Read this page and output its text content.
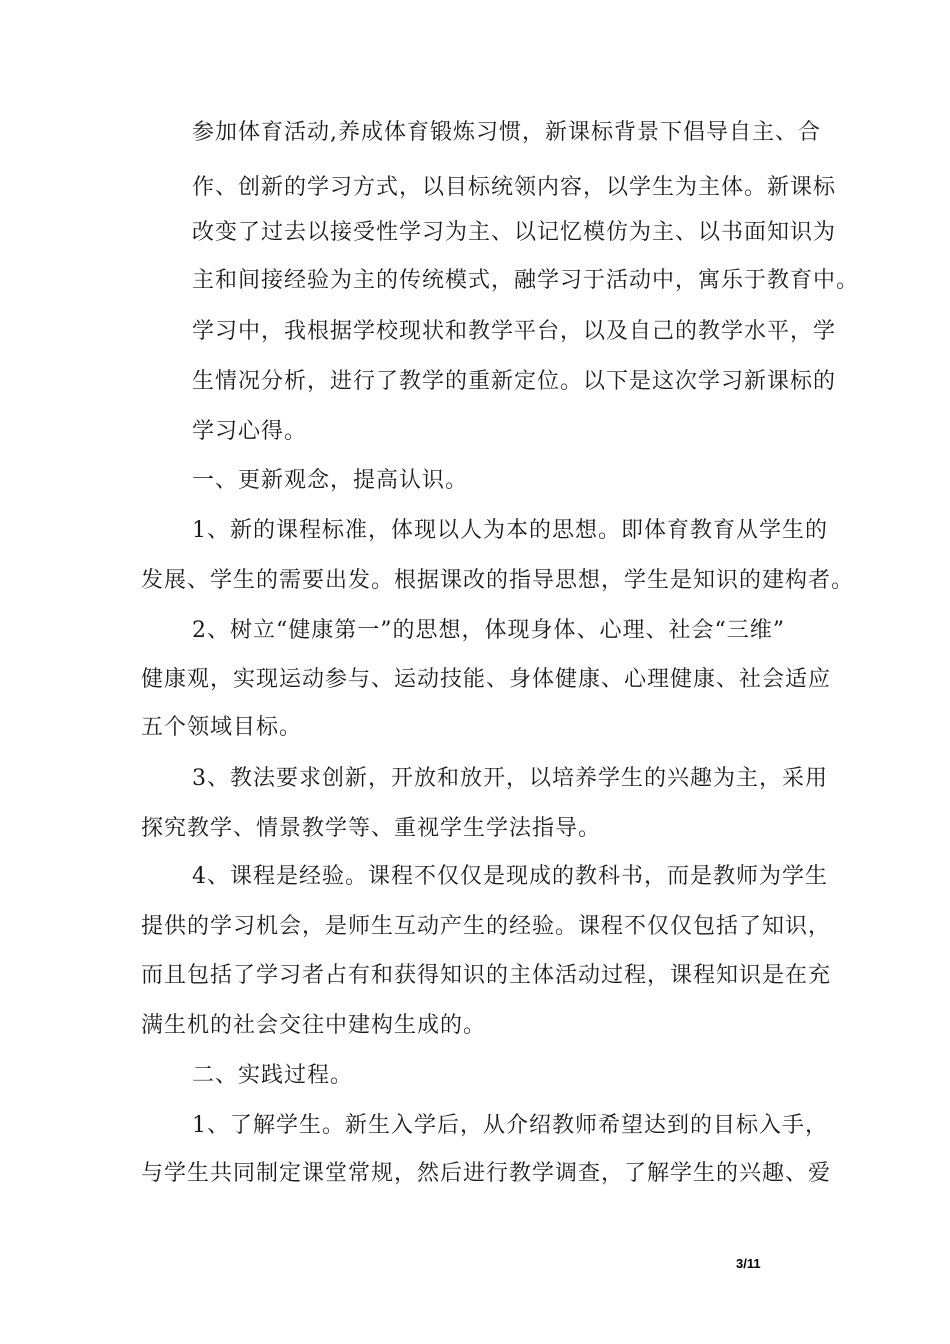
参加体育活动,养成体育锻炼习惯，新课标背景下倡导自主、合
作、创新的学习方式，以目标统领内容，以学生为主体。新课标
改变了过去以接受性学习为主、以记忆模仿为主、以书面知识为
主和间接经验为主的传统模式，融学习于活动中，寓乐于教育中。
学习中，我根据学校现状和教学平台，以及自己的教学水平，学
生情况分析，进行了教学的重新定位。以下是这次学习新课标的
学习心得。
一、更新观念，提高认识。
1、新的课程标准，体现以人为本的思想。即体育教育从学生的
发展、学生的需要出发。根据课改的指导思想，学生是知识的建构者。
2、树立“健康第一”的思想，体现身体、心理、社会“三维”
健康观，实现运动参与、运动技能、身体健康、心理健康、社会适应
五个领域目标。
3、教法要求创新，开放和放开，以培养学生的兴趣为主，采用
探究教学、情景教学等、重视学生学法指导。
4、课程是经验。课程不仅仅是现成的教科书，而是教师为学生
提供的学习机会，是师生互动产生的经验。课程不仅仅包括了知识，
而且包括了学习者占有和获得知识的主体活动过程，课程知识是在充
满生机的社会交往中建构生成的。
二、实践过程。
1、了解学生。新生入学后，从介绍教师希望达到的目标入手，
与学生共同制定课堂常规，然后进行教学调查，了解学生的兴趣、爱
3/11
